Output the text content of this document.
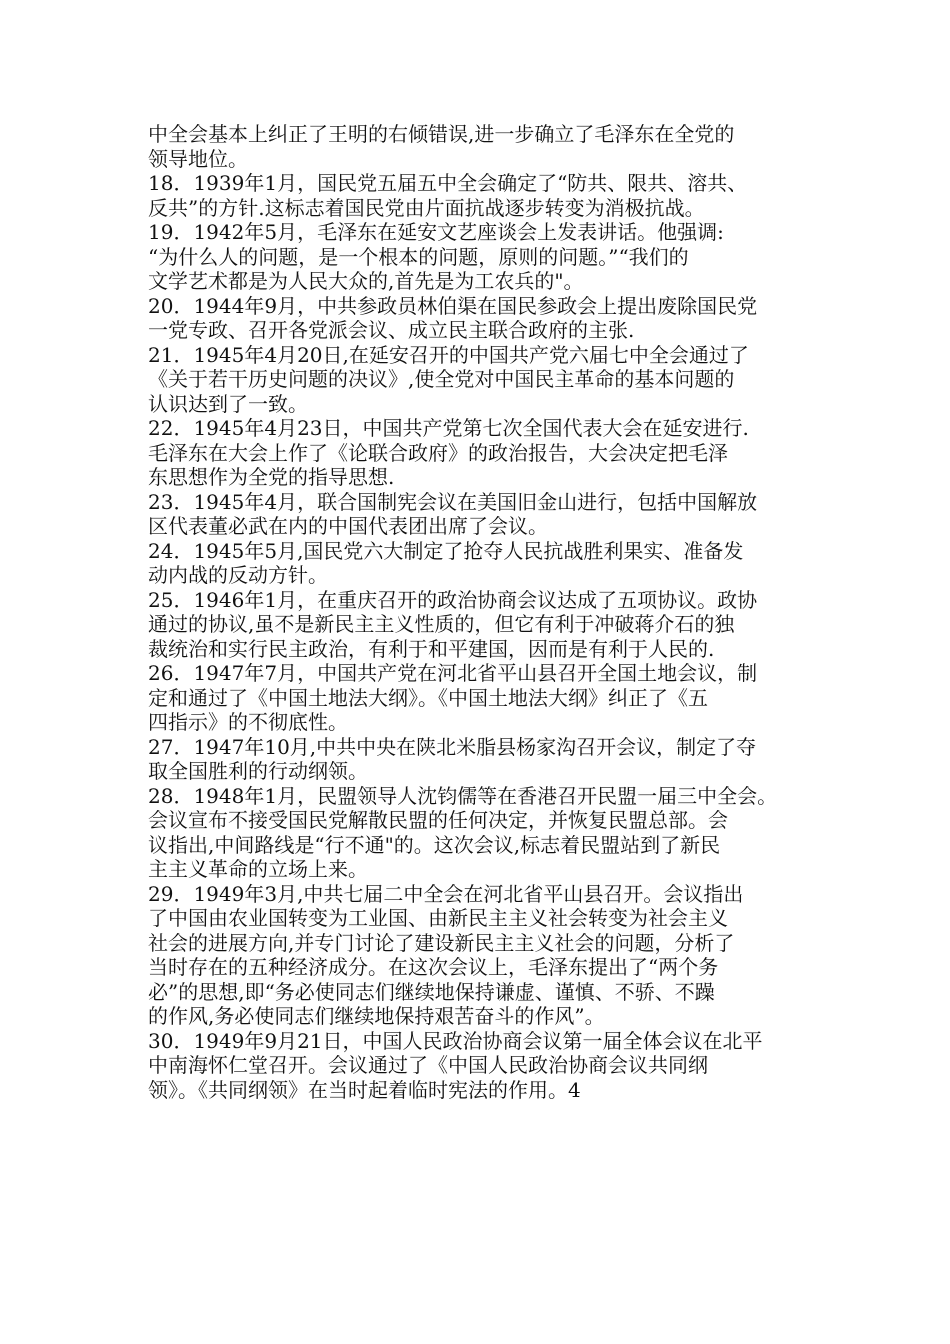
中全会基本上纠正了王明的右倾错误,进一步确立了毛泽东在全党的
领导地位。
18．1939年1月，国民党五届五中全会确定了“防共、限共、溶共、
反共”的方针.这标志着国民党由片面抗战逐步转变为消极抗战。
19．1942年5月，毛泽东在延安文艺座谈会上发表讲话。他强调:
“为什么人的问题，是一个根本的问题，原则的问题。”“我们的
文学艺术都是为人民大众的,首先是为工农兵的"。
20．1944年9月，中共参政员林伯渠在国民参政会上提出废除国民党
一党专政、召开各党派会议、成立民主联合政府的主张.
21．1945年4月20日,在延安召开的中国共产党六届七中全会通过了
《关于若干历史问题的决议》,使全党对中国民主革命的基本问题的
认识达到了一致。
22．1945年4月23日，中国共产党第七次全国代表大会在延安进行.
毛泽东在大会上作了《论联合政府》的政治报告，大会决定把毛泽
东思想作为全党的指导思想.
23．1945年4月，联合国制宪会议在美国旧金山进行，包括中国解放
区代表董必武在内的中国代表团出席了会议。
24．1945年5月,国民党六大制定了抢夺人民抗战胜利果实、准备发
动内战的反动方针。
25．1946年1月，在重庆召开的政治协商会议达成了五项协议。政协
通过的协议,虽不是新民主主义性质的，但它有利于冲破蒋介石的独
裁统治和实行民主政治，有利于和平建国，因而是有利于人民的.
26．1947年7月，中国共产党在河北省平山县召开全国土地会议，制
定和通过了《中国土地法大纲》。《中国土地法大纲》纠正了《五
四指示》的不彻底性。
27．1947年10月,中共中央在陕北米脂县杨家沟召开会议，制定了夺
取全国胜利的行动纲领。
28．1948年1月，民盟领导人沈钧儒等在香港召开民盟一届三中全会。
会议宣布不接受国民党解散民盟的任何决定，并恢复民盟总部。会
议指出,中间路线是“行不通"的。这次会议,标志着民盟站到了新民
主主义革命的立场上来。
29．1949年3月,中共七届二中全会在河北省平山县召开。会议指出
了中国由农业国转变为工业国、由新民主主义社会转变为社会主义
社会的进展方向,并专门讨论了建设新民主主义社会的问题，分析了
当时存在的五种经济成分。在这次会议上，毛泽东提出了“两个务
必”的思想,即“务必使同志们继续地保持谦虚、谨慎、不骄、不躁
的作风,务必使同志们继续地保持艰苦奋斗的作风”。
30．1949年9月21日，中国人民政治协商会议第一届全体会议在北平
中南海怀仁堂召开。会议通过了《中国人民政治协商会议共同纲
领》。《共同纲领》在当时起着临时宪法的作用。4
